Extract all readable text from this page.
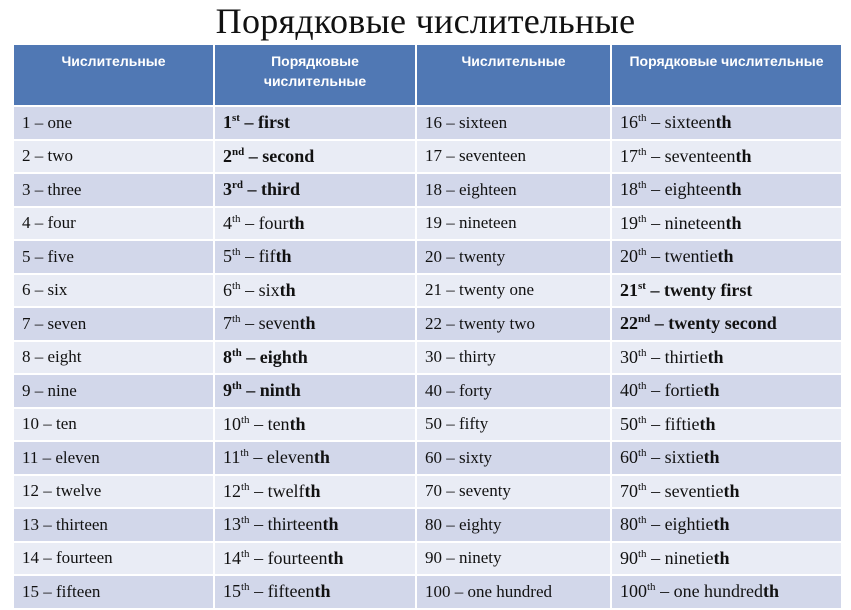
Порядковые числительные
Числительные	Порядковые числительные	Числительные	Порядковые числительные
1 – one	1st – first	16 – sixteen	16th – sixteenth
2 – two	2nd – second	17 – seventeen	17th – seventeenth
3 – three	3rd – third	18 – eighteen	18th – eighteenth
4 – four	4th – fourth	19 – nineteen	19th – nineteenth
5 – five	5th – fifth	20 – twenty	20th – twentieth
6 – six	6th – sixth	21 – twenty one	21st – twenty first
7 – seven	7th – seventh	22 – twenty two	22nd – twenty second
8 – eight	8th – eighth	30 – thirty	30th – thirtieth
9 – nine	9th – ninth	40 – forty	40th – fortieth
10 – ten	10th – tenth	50 – fifty	50th – fiftieth
11 – eleven	11th – eleventh	60 – sixty	60th – sixtieth
12 – twelve	12th – twelfth	70 – seventy	70th – seventieth
13 – thirteen	13th – thirteenth	80 – eighty	80th – eightieth
14 – fourteen	14th – fourteenth	90 – ninety	90th – ninetieth
15 – fifteen	15th – fifteenth	100 – one hundred	100th – one hundredth
